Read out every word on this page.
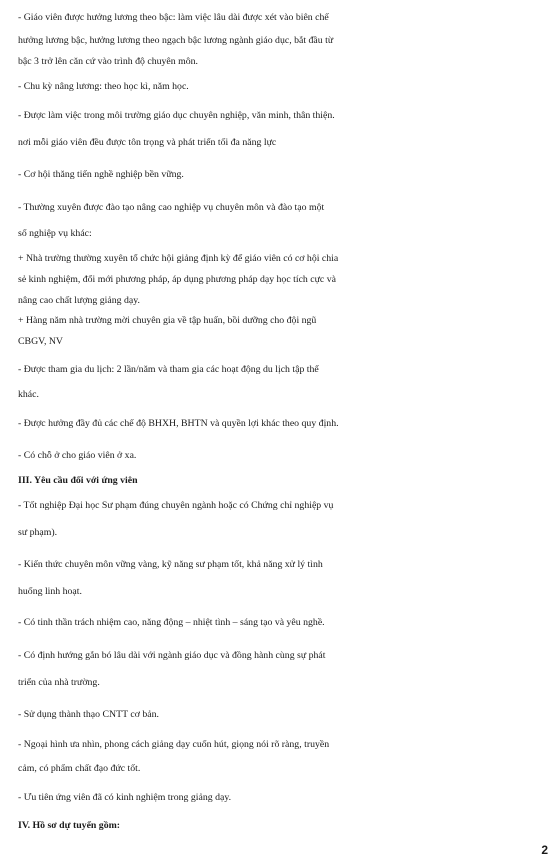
- Giáo viên được hưởng lương theo bậc: làm việc lâu dài được xét vào biên chế
hưởng lương bậc, hưởng lương theo ngạch bậc lương ngành giáo dục, bắt đầu từ
bậc 3 trở lên căn cứ vào trình độ chuyên môn.
- Chu kỳ nâng lương: theo học kì, năm học.
- Được làm việc trong môi trường giáo dục chuyên nghiệp, văn minh, thân thiện.
nơi mỗi giáo viên đều được tôn trọng và phát triển tối đa năng lực
- Cơ hội thăng tiến nghề nghiệp bền vững.
- Thường xuyên được đào tạo nâng cao nghiệp vụ chuyên môn và đào tạo một
số nghiệp vụ khác:
+ Nhà trường thường xuyên tổ chức hội giảng định kỳ để giáo viên có cơ hội chia
sẻ kinh nghiệm, đổi mới phương pháp, áp dụng phương pháp dạy học tích cực và
nâng cao chất lượng giảng dạy.
+ Hàng năm nhà trường mời chuyên gia về tập huấn, bồi dưỡng cho đội ngũ
CBGV, NV
- Được tham gia du lịch: 2 lần/năm và tham gia các hoạt động du lịch tập thể
khác.
- Được hưởng đầy đủ các chế độ BHXH, BHTN và quyền lợi khác theo quy định.
- Có chỗ ở cho giáo viên ở xa.
III. Yêu cầu đối với ứng viên
- Tốt nghiệp Đại học Sư phạm đúng chuyên ngành hoặc có Chứng chỉ nghiệp vụ
sư phạm).
- Kiến thức chuyên môn vững vàng, kỹ năng sư phạm tốt, khả năng xử lý tình
huống linh hoạt.
- Có tinh thần trách nhiệm cao, năng động – nhiệt tình – sáng tạo và yêu nghề.
- Có định hướng gắn bó lâu dài với ngành giáo dục và đồng hành cùng sự phát
triển của nhà trường.
- Sử dụng thành thạo CNTT cơ bản.
- Ngoại hình ưa nhìn, phong cách giảng dạy cuốn hút, giọng nói rõ ràng, truyền
cảm, có phẩm chất đạo đức tốt.
- Ưu tiên ứng viên đã có kinh nghiệm trong giảng dạy.
IV. Hồ sơ dự tuyển gồm:
2
